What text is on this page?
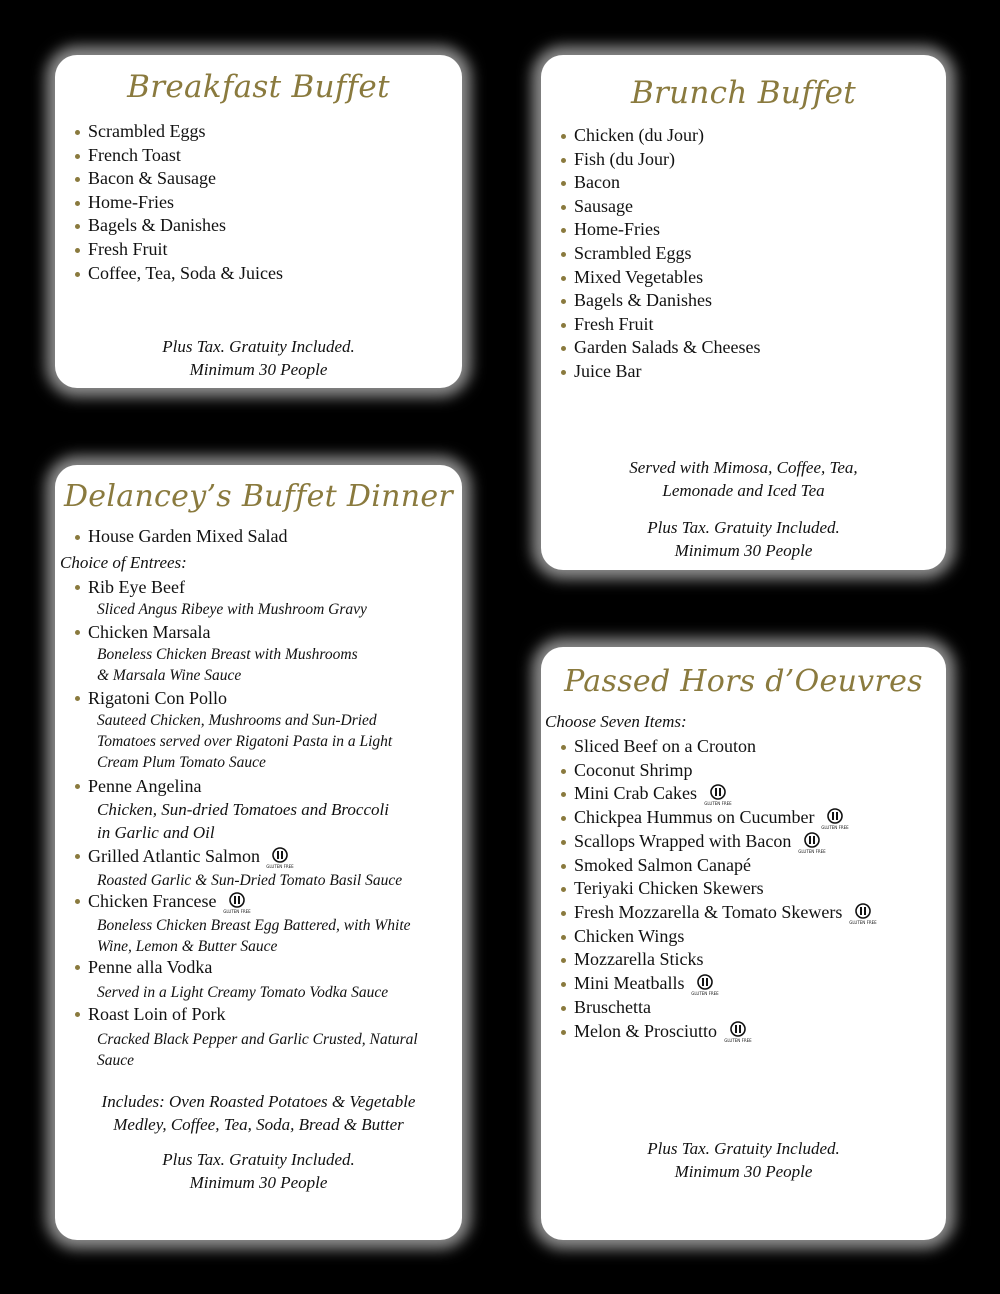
Breakfast Buffet
Scrambled Eggs
French Toast
Bacon & Sausage
Home-Fries
Bagels & Danishes
Fresh Fruit
Coffee, Tea, Soda & Juices
Plus Tax. Gratuity Included.
Minimum 30 People
Brunch Buffet
Chicken (du Jour)
Fish (du Jour)
Bacon
Sausage
Home-Fries
Scrambled Eggs
Mixed Vegetables
Bagels & Danishes
Fresh Fruit
Garden Salads & Cheeses
Juice Bar
Served with Mimosa, Coffee, Tea,
Lemonade and Iced Tea
Plus Tax. Gratuity Included.
Minimum 30 People
Delancey’s Buffet Dinner
House Garden Mixed Salad
Choice of Entrees:
Rib Eye Beef
Sliced Angus Ribeye with Mushroom Gravy
Chicken Marsala
Boneless Chicken Breast with Mushrooms
& Marsala Wine Sauce
Rigatoni Con Pollo
Sauteed Chicken, Mushrooms and Sun-Dried
Tomatoes served over Rigatoni Pasta in a Light
Cream Plum Tomato Sauce
Penne Angelina
Chicken, Sun-dried Tomatoes and Broccoli
in Garlic and Oil
Grilled Atlantic Salmon
GLUTEN FREE
Roasted Garlic & Sun-Dried Tomato Basil Sauce
Chicken Francese
GLUTEN FREE
Boneless Chicken Breast Egg Battered, with White
Wine, Lemon & Butter Sauce
Penne alla Vodka
Served in a Light Creamy Tomato Vodka Sauce
Roast Loin of Pork
Cracked Black Pepper and Garlic Crusted, Natural
Sauce
Includes: Oven Roasted Potatoes & Vegetable
Medley, Coffee, Tea, Soda, Bread & Butter
Plus Tax. Gratuity Included.
Minimum 30 People
Passed Hors d’Oeuvres
Choose Seven Items:
Sliced Beef on a Crouton
Coconut Shrimp
Mini Crab Cakes
GLUTEN FREE
Chickpea Hummus on Cucumber
GLUTEN FREE
Scallops Wrapped with Bacon
GLUTEN FREE
Smoked Salmon Canapé
Teriyaki Chicken Skewers
Fresh Mozzarella & Tomato Skewers
GLUTEN FREE
Chicken Wings
Mozzarella Sticks
Mini Meatballs
GLUTEN FREE
Bruschetta
Melon & Prosciutto
GLUTEN FREE
Plus Tax. Gratuity Included.
Minimum 30 People
